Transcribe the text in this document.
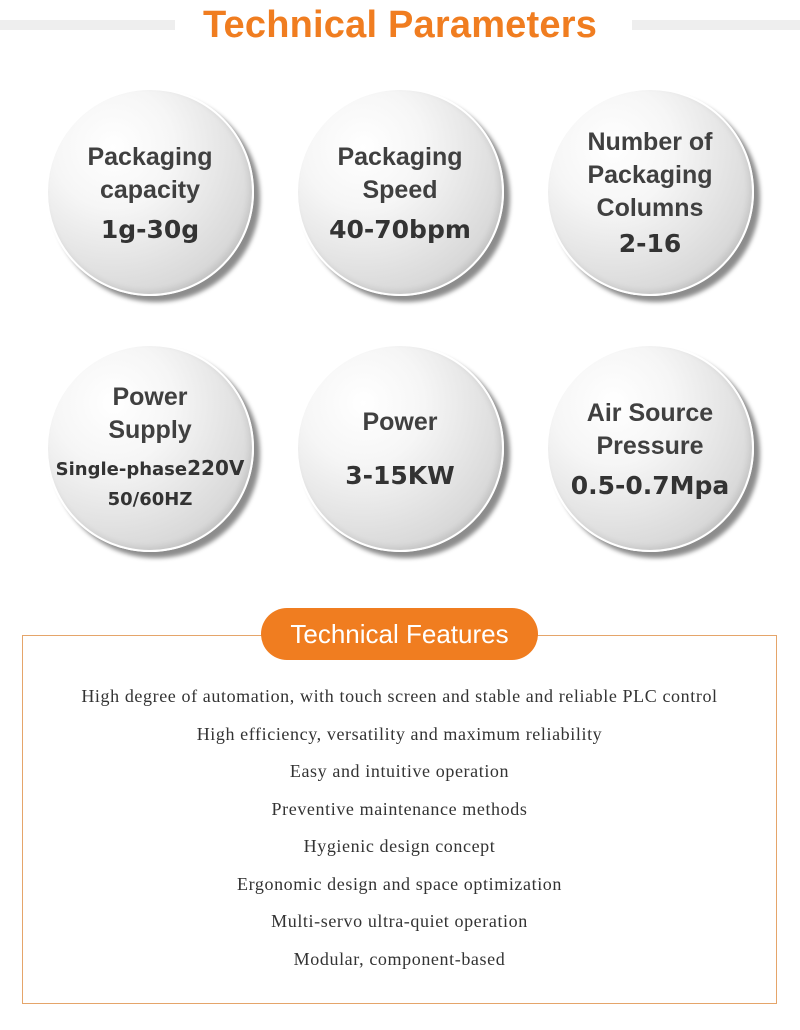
Technical Parameters
Packaging
capacity
1g-30g
Packaging
Speed
40-70bpm
Number of
Packaging
Columns
2-16
Power
Supply
Single-phase220V
50/60HZ
Power
3-15KW
Air Source
Pressure
0.5-0.7Mpa
Technical Features
High degree of automation, with touch screen and stable and reliable PLC control
High efficiency, versatility and maximum reliability
Easy and intuitive operation
Preventive maintenance methods
Hygienic design concept
Ergonomic design and space optimization
Multi-servo ultra-quiet operation
Modular, component-based
